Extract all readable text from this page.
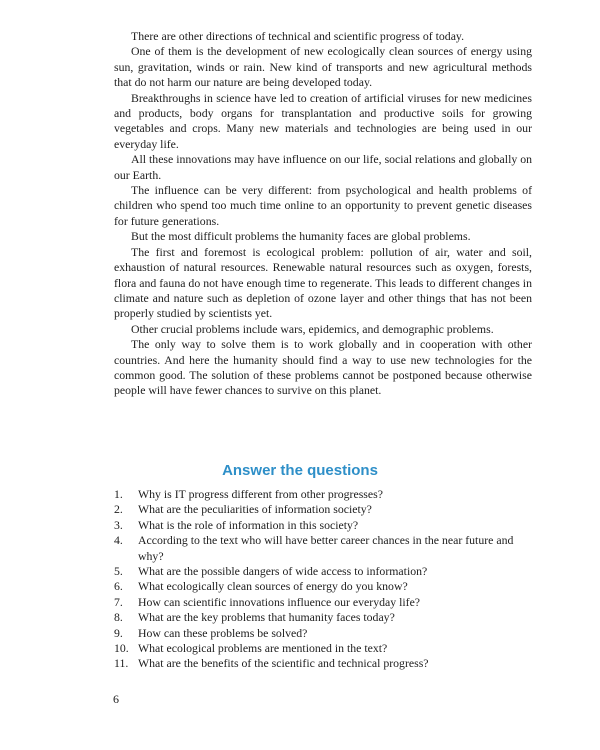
There are other directions of technical and scientific progress of today.

One of them is the development of new ecologically clean sources of energy using sun, gravitation, winds or rain. New kind of transports and new agricultural methods that do not harm our nature are being developed today.

Breakthroughs in science have led to creation of artificial viruses for new medicines and products, body organs for transplantation and productive soils for growing vegetables and crops. Many new materials and technologies are being used in our everyday life.

All these innovations may have influence on our life, social relations and globally on our Earth.

The influence can be very different: from psychological and health problems of children who spend too much time online to an opportunity to prevent genetic diseases for future generations.

But the most difficult problems the humanity faces are global problems.

The first and foremost is ecological problem: pollution of air, water and soil, exhaustion of natural resources. Renewable natural resources such as oxygen, forests, flora and fauna do not have enough time to regenerate. This leads to different changes in climate and nature such as depletion of ozone layer and other things that has not been properly studied by scientists yet.

Other crucial problems include wars, epidemics, and demographic problems.

The only way to solve them is to work globally and in cooperation with other countries. And here the humanity should find a way to use new technologies for the common good. The solution of these problems cannot be postponed because otherwise people will have fewer chances to survive on this planet.

Answer the questions
1.	Why is IT progress different from other progresses?
2.	What are the peculiarities of information society?
3.	What is the role of information in this society?
4.	According to the text who will have better career chances in the near future and why?
5.	What are the possible dangers of wide access to information?
6.	What ecologically clean sources of energy do you know?
7.	How can scientific innovations influence our everyday life?
8.	What are the key problems that humanity faces today?
9.	How can these problems be solved?
10. What ecological problems are mentioned in the text?
11. What are the benefits of the scientific and technical progress?

6
